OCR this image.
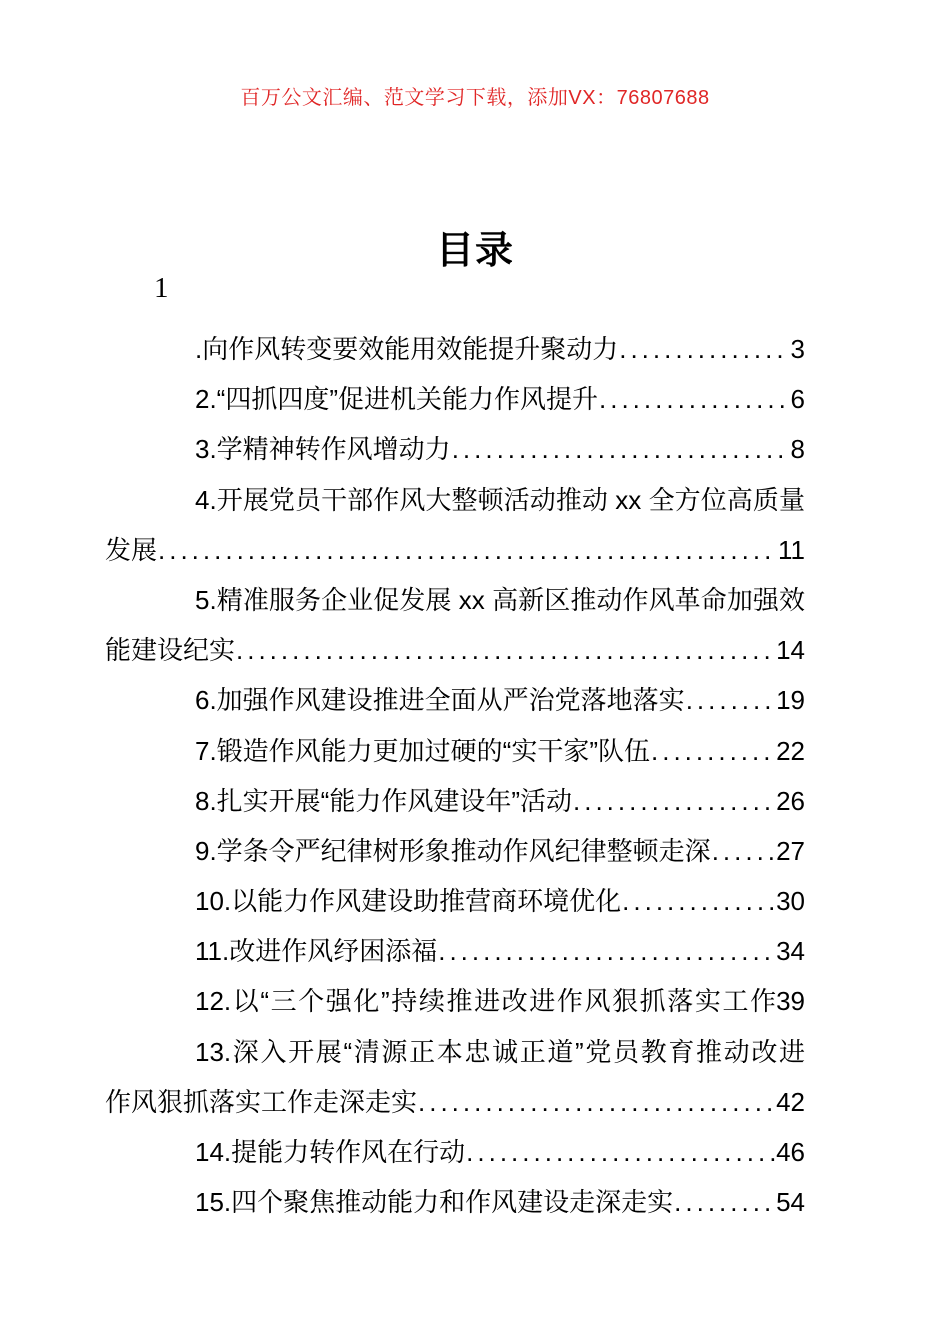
百万公文汇编、范文学习下载，添加VX：76807688
目录
1
.向作风转变要效能用效能提升聚动力 .....	3
2.“四抓四度”促进机关能力作风提升 .....	6
3.学精神转作风增动力 .....	8
4.开展党员干部作风大整顿活动推动 xx 全方位高质量
发展 .....	11
5.精准服务企业促发展 xx 高新区推动作风革命加强效
能建设纪实 .....	14
6.加强作风建设推进全面从严治党落地落实 .....	19
7.锻造作风能力更加过硬的“实干家”队伍 .....	22
8.扎实开展“能力作风建设年”活动 .....	26
9.学条令严纪律树形象推动作风纪律整顿走深 .....	27
10.以能力作风建设助推营商环境优化 .....	30
11.改进作风纾困添福 .....	34
12.以“三个强化”持续推进改进作风狠抓落实工作 39
13.深入开展“清源正本忠诚正道”党员教育推动改进
作风狠抓落实工作走深走实 .....	42
14.提能力转作风在行动 .....	46
15.四个聚焦推动能力和作风建设走深走实 .....	54
